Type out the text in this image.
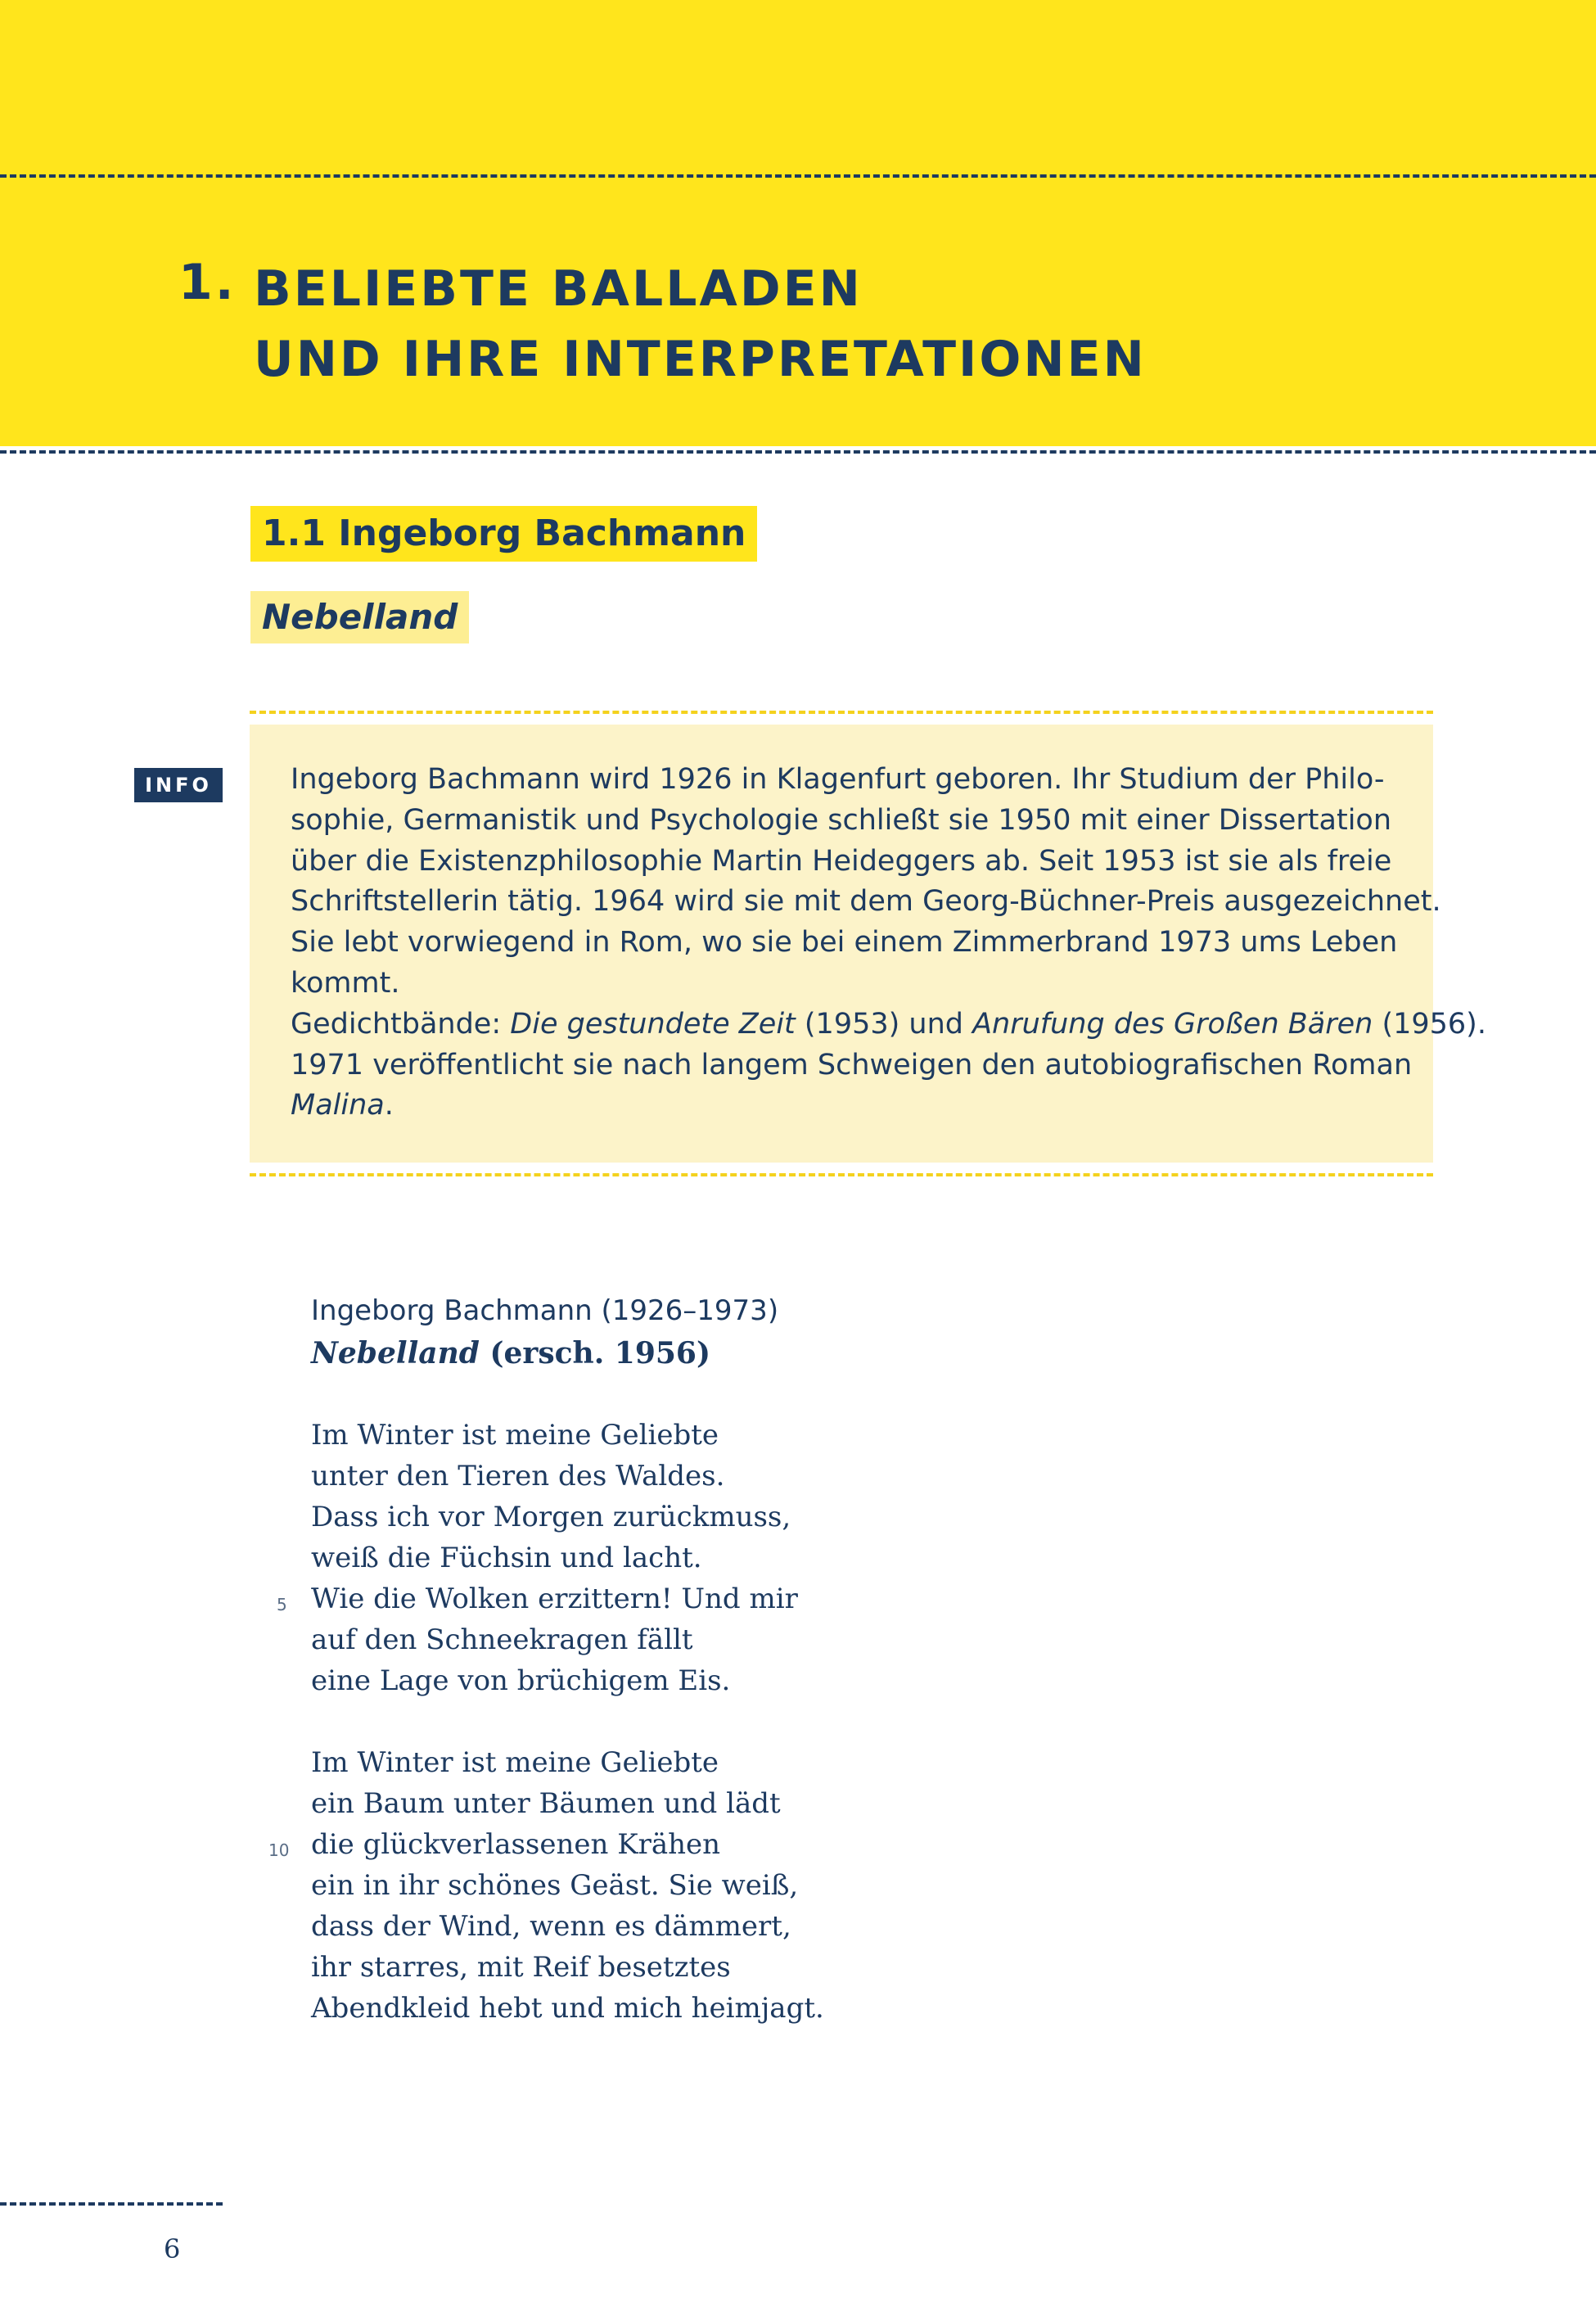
1. BELIEBTE BALLADEN
UND IHRE INTERPRETATIONEN
1.1 Ingeborg Bachmann
Nebelland
INFO	Ingeborg Bachmann wird 1926 in Klagenfurt geboren. Ihr Studium der Philo-
sophie, Germanistik und Psychologie schließt sie 1950 mit einer Dissertation
über die Existenzphilosophie Martin Heideggers ab. Seit 1953 ist sie als freie
Schriftstellerin tätig. 1964 wird sie mit dem Georg-Büchner-Preis ausgezeichnet.
Sie lebt vorwiegend in Rom, wo sie bei einem Zimmerbrand 1973 ums Leben
kommt.
Gedichtbände: Die gestundete Zeit (1953) und Anrufung des Großen Bären (1956).
1971 veröffentlicht sie nach langem Schweigen den autobiografischen Roman
Malina.
Ingeborg Bachmann (1926–1973)
Nebelland (ersch. 1956)
Im Winter ist meine Geliebte
unter den Tieren des Waldes.
Dass ich vor Morgen zurückmuss,
weiß die Füchsin und lacht.
Wie die Wolken erzittern! Und mir
auf den Schneekragen fällt
eine Lage von brüchigem Eis.
Im Winter ist meine Geliebte
ein Baum unter Bäumen und lädt
die glückverlassenen Krähen
ein in ihr schönes Geäst. Sie weiß,
dass der Wind, wenn es dämmert,
ihr starres, mit Reif besetztes
Abendkleid hebt und mich heimjagt.
5
10
6
